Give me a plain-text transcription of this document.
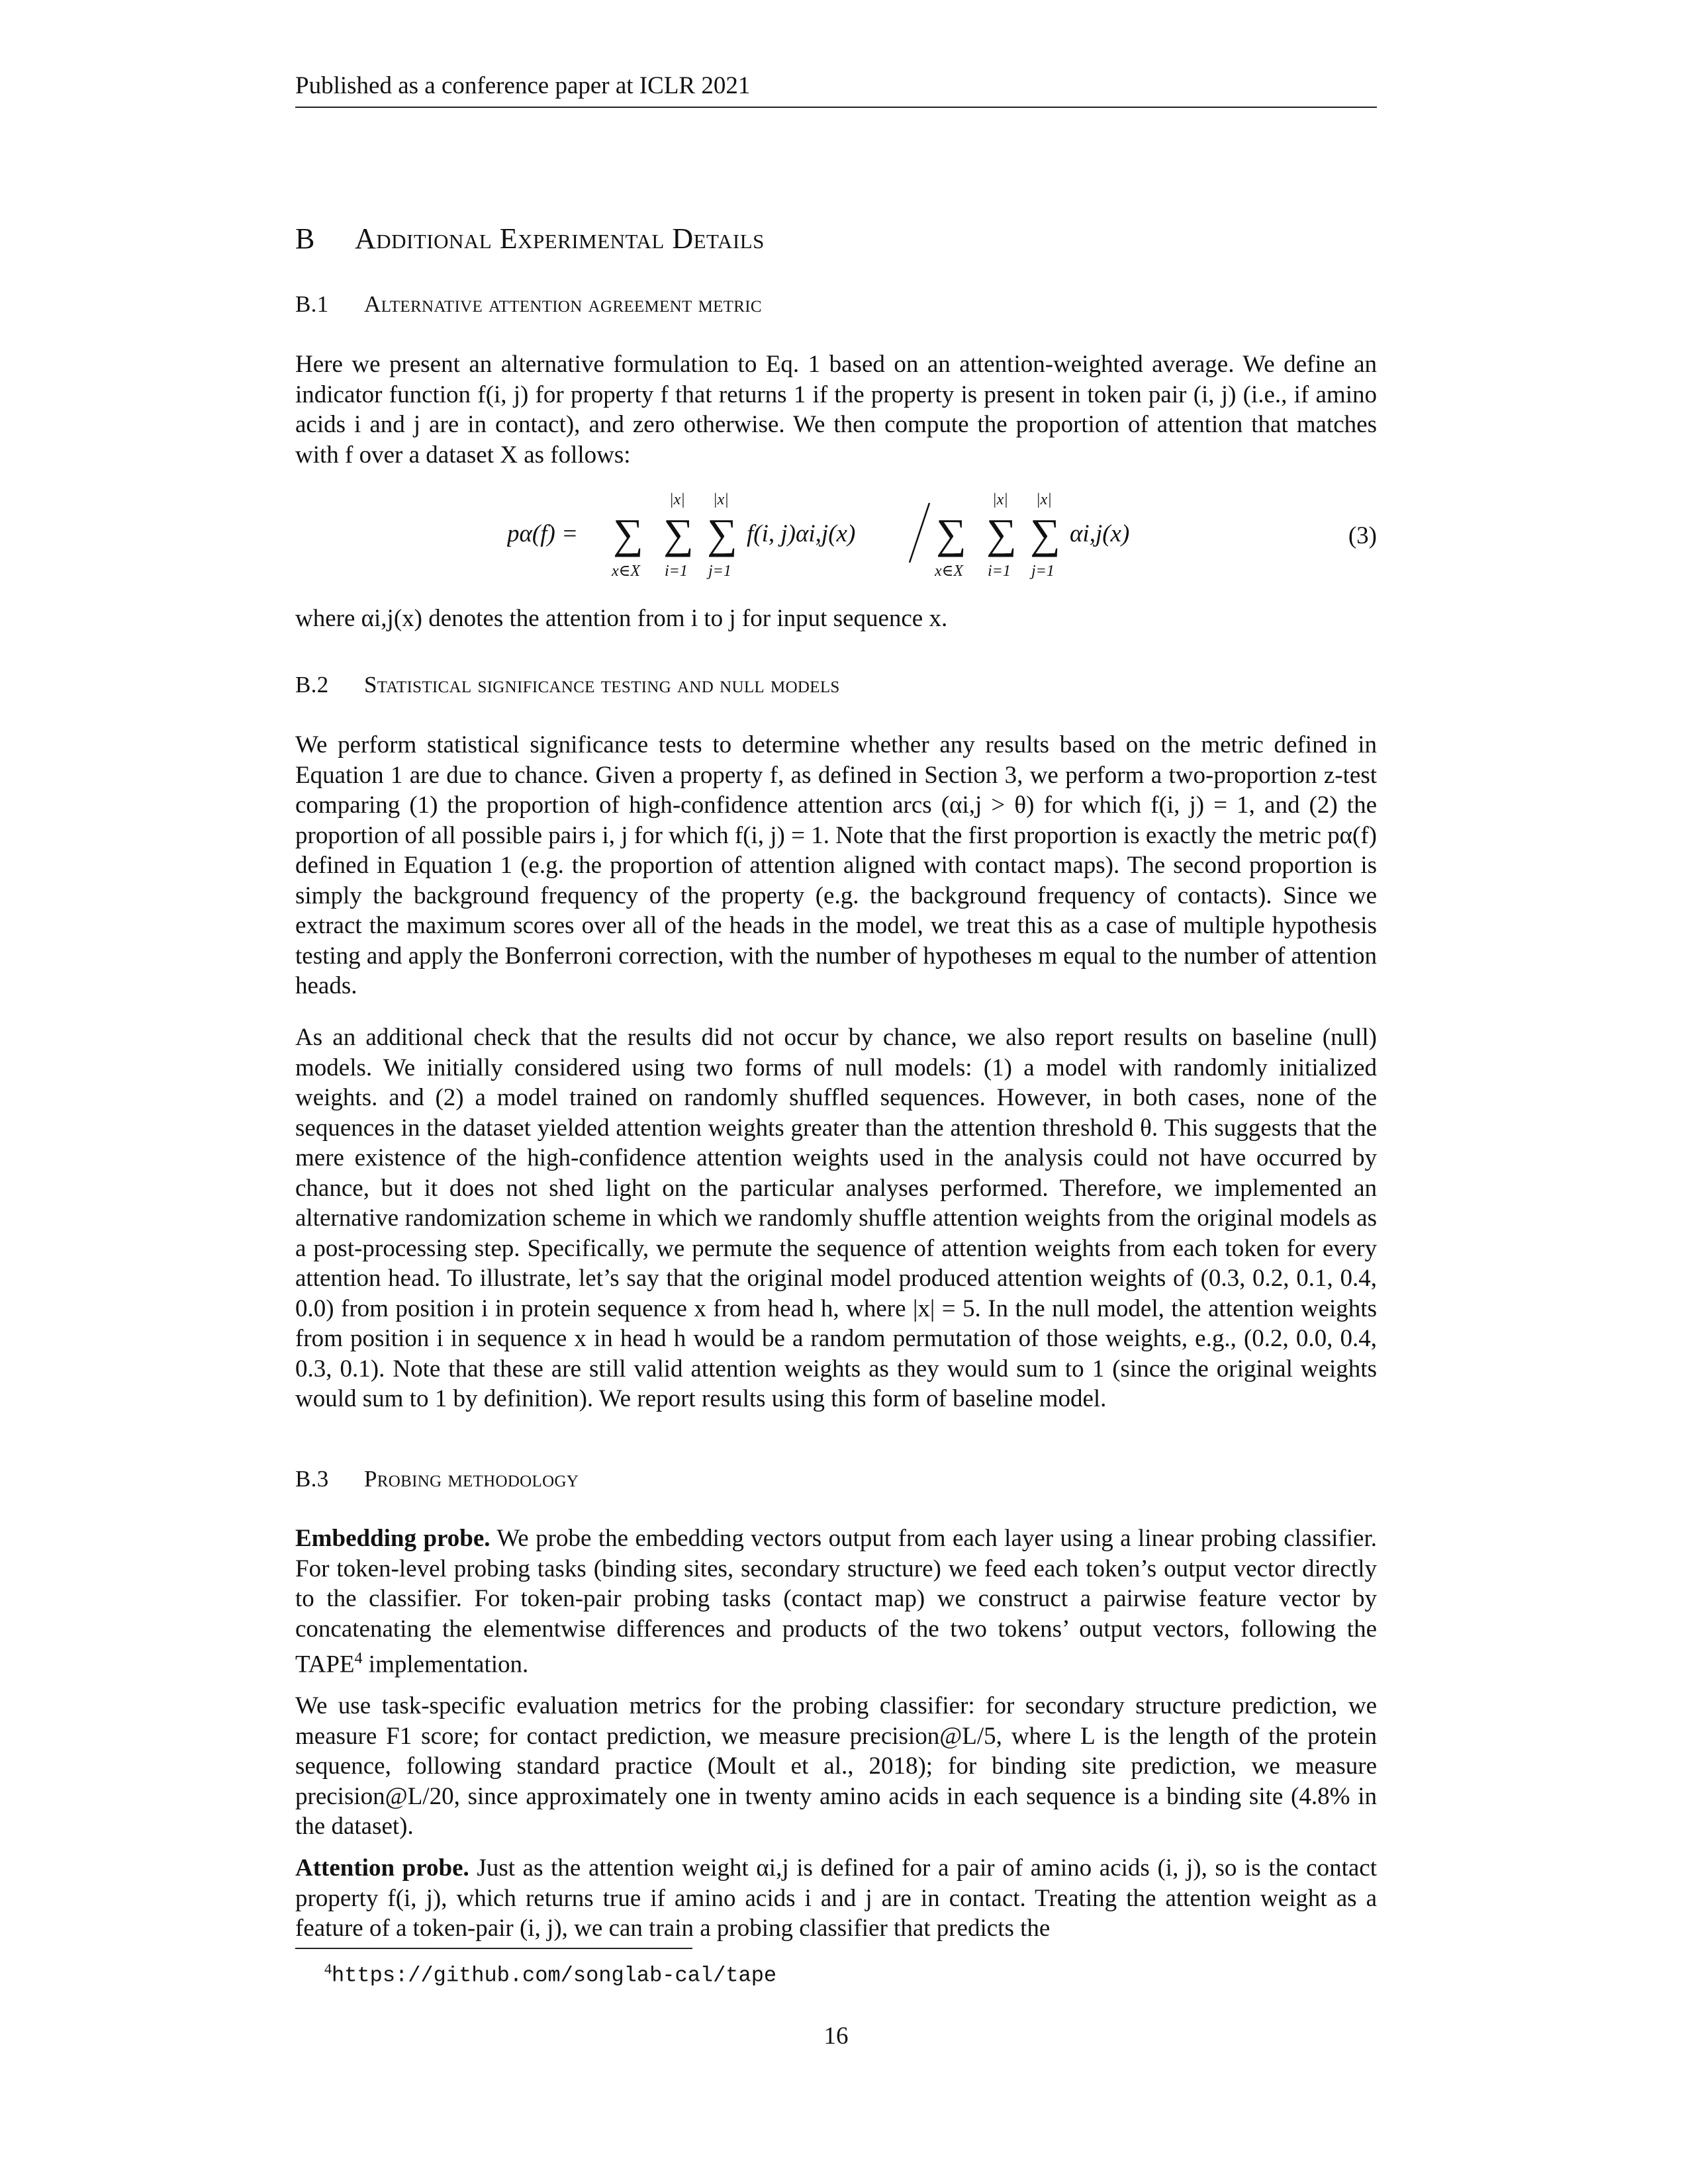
Published as a conference paper at ICLR 2021
B Additional Experimental Details
B.1 Alternative attention agreement metric
Here we present an alternative formulation to Eq. 1 based on an attention-weighted average. We define an indicator function f(i, j) for property f that returns 1 if the property is present in token pair (i, j) (i.e., if amino acids i and j are in contact), and zero otherwise. We then compute the proportion of attention that matches with f over a dataset X as follows:
pα(f) = ∑
x∈X
∑
|x|
i=1
∑
|x|
j=1
f(i, j)αi,j(x) ∑
x∈X
∑
|x|
i=1
∑
|x|
j=1
αi,j(x)	(3)
where αi,j(x) denotes the attention from i to j for input sequence x.
B.2 Statistical significance testing and null models
We perform statistical significance tests to determine whether any results based on the metric defined in Equation 1 are due to chance. Given a property f, as defined in Section 3, we perform a two-proportion z-test comparing (1) the proportion of high-confidence attention arcs (αi,j > θ) for which f(i, j) = 1, and (2) the proportion of all possible pairs i, j for which f(i, j) = 1. Note that the first proportion is exactly the metric pα(f) defined in Equation 1 (e.g. the proportion of attention aligned with contact maps). The second proportion is simply the background frequency of the property (e.g. the background frequency of contacts). Since we extract the maximum scores over all of the heads in the model, we treat this as a case of multiple hypothesis testing and apply the Bonferroni correction, with the number of hypotheses m equal to the number of attention heads.
As an additional check that the results did not occur by chance, we also report results on baseline (null) models. We initially considered using two forms of null models: (1) a model with randomly initialized weights. and (2) a model trained on randomly shuffled sequences. However, in both cases, none of the sequences in the dataset yielded attention weights greater than the attention threshold θ. This suggests that the mere existence of the high-confidence attention weights used in the analysis could not have occurred by chance, but it does not shed light on the particular analyses performed. Therefore, we implemented an alternative randomization scheme in which we randomly shuffle attention weights from the original models as a post-processing step. Specifically, we permute the sequence of attention weights from each token for every attention head. To illustrate, let’s say that the original model produced attention weights of (0.3, 0.2, 0.1, 0.4, 0.0) from position i in protein sequence x from head h, where |x| = 5. In the null model, the attention weights from position i in sequence x in head h would be a random permutation of those weights, e.g., (0.2, 0.0, 0.4, 0.3, 0.1). Note that these are still valid attention weights as they would sum to 1 (since the original weights would sum to 1 by definition). We report results using this form of baseline model.
B.3 Probing methodology
Embedding probe. We probe the embedding vectors output from each layer using a linear probing classifier. For token-level probing tasks (binding sites, secondary structure) we feed each token’s output vector directly to the classifier. For token-pair probing tasks (contact map) we construct a pairwise feature vector by concatenating the elementwise differences and products of the two tokens’ output vectors, following the TAPE$^4$ implementation.
We use task-specific evaluation metrics for the probing classifier: for secondary structure prediction, we measure F1 score; for contact prediction, we measure precision@L/5, where L is the length of the protein sequence, following standard practice (Moult et al., 2018); for binding site prediction, we measure precision@L/20, since approximately one in twenty amino acids in each sequence is a binding site (4.8% in the dataset).
Attention probe. Just as the attention weight αi,j is defined for a pair of amino acids (i, j), so is the contact property f(i, j), which returns true if amino acids i and j are in contact. Treating the attention weight as a feature of a token-pair (i, j), we can train a probing classifier that predicts the
$^4$https://github.com/songlab-cal/tape
16
